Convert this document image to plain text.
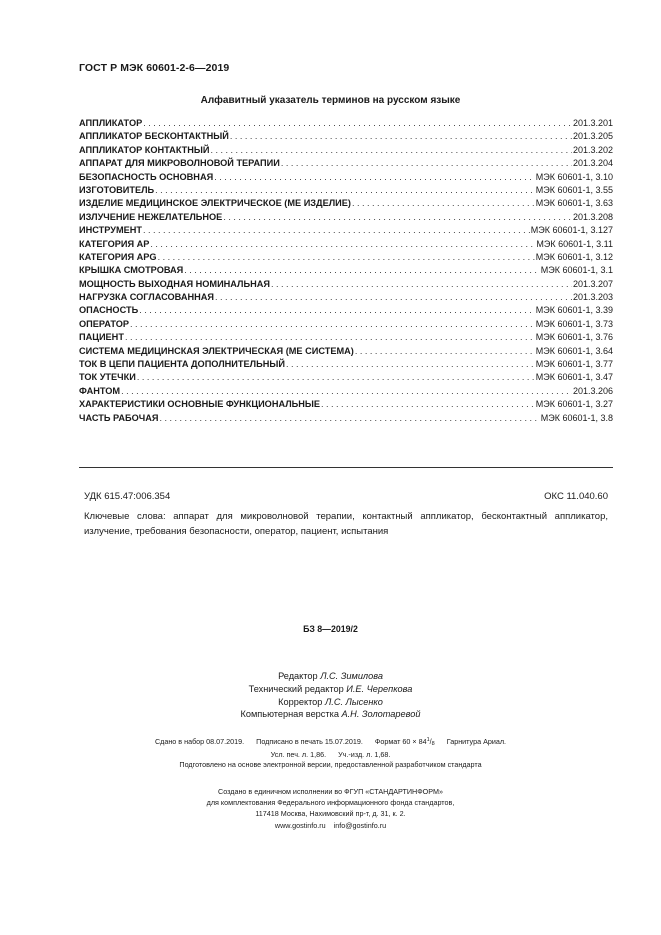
ГОСТ Р МЭК 60601-2-6—2019
Алфавитный указатель терминов на русском языке
АППЛИКАТОР . . .	201.3.201
АППЛИКАТОР БЕСКОНТАКТНЫЙ . . .	201.3.205
АППЛИКАТОР КОНТАКТНЫЙ . . .	201.3.202
АППАРАТ ДЛЯ МИКРОВОЛНОВОЙ ТЕРАПИИ . . .	201.3.204
БЕЗОПАСНОСТЬ ОСНОВНАЯ . . .	МЭК 60601-1, 3.10
ИЗГОТОВИТЕЛЬ . . .	МЭК 60601-1, 3.55
ИЗДЕЛИЕ МЕДИЦИНСКОЕ ЭЛЕКТРИЧЕСКОЕ (МЕ ИЗДЕЛИЕ) . . .	МЭК 60601-1, 3.63
ИЗЛУЧЕНИЕ НЕЖЕЛАТЕЛЬНОЕ . . .	201.3.208
ИНСТРУМЕНТ . . .	МЭК 60601-1, 3.127
КАТЕГОРИЯ АР . . .	МЭК 60601-1, 3.11
КАТЕГОРИЯ APG . . .	МЭК 60601-1, 3.12
КРЫШКА СМОТРОВАЯ . . .	МЭК 60601-1, 3.1
МОЩНОСТЬ ВЫХОДНАЯ НОМИНАЛЬНАЯ . . .	201.3.207
НАГРУЗКА СОГЛАСОВАННАЯ . . .	201.3.203
ОПАСНОСТЬ . . .	МЭК 60601-1, 3.39
ОПЕРАТОР . . .	МЭК 60601-1, 3.73
ПАЦИЕНТ . . .	МЭК 60601-1, 3.76
СИСТЕМА МЕДИЦИНСКАЯ ЭЛЕКТРИЧЕСКАЯ (МЕ СИСТЕМА) . . .	МЭК 60601-1, 3.64
ТОК В ЦЕПИ ПАЦИЕНТА ДОПОЛНИТЕЛЬНЫЙ . . .	МЭК 60601-1, 3.77
ТОК УТЕЧКИ . . .	МЭК 60601-1, 3.47
ФАНТОМ . . .	201.3.206
ХАРАКТЕРИСТИКИ ОСНОВНЫЕ ФУНКЦИОНАЛЬНЫЕ . . .	МЭК 60601-1, 3.27
ЧАСТЬ РАБОЧАЯ . . .	МЭК 60601-1, 3.8
УДК 615.47:006.354	ОКС 11.040.60
Ключевые слова: аппарат для микроволновой терапии, контактный аппликатор, бесконтактный аппликатор, излучение, требования безопасности, оператор, пациент, испытания
БЗ 8—2019/2
Редактор Л.С. Зимилова
Технический редактор И.Е. Черепкова
Корректор Л.С. Лысенко
Компьютерная верстка А.Н. Золотаревой
Сдано в набор 08.07.2019. Подписано в печать 15.07.2019. Формат $60 \times 84^1/_8$ Гарнитура Ариал.
Усл. печ. л. 1,86. Уч.-изд. л. 1,68.
Подготовлено на основе электронной версии, предоставленной разработчиком стандарта
Создано в единичном исполнении во ФГУП «СТАНДАРТИНФОРМ»
для комплектования Федерального информационного фонда стандартов,
117418 Москва, Нахимовский пр-т, д. 31, к. 2.
www.gostinfo.ru info@gostinfo.ru
